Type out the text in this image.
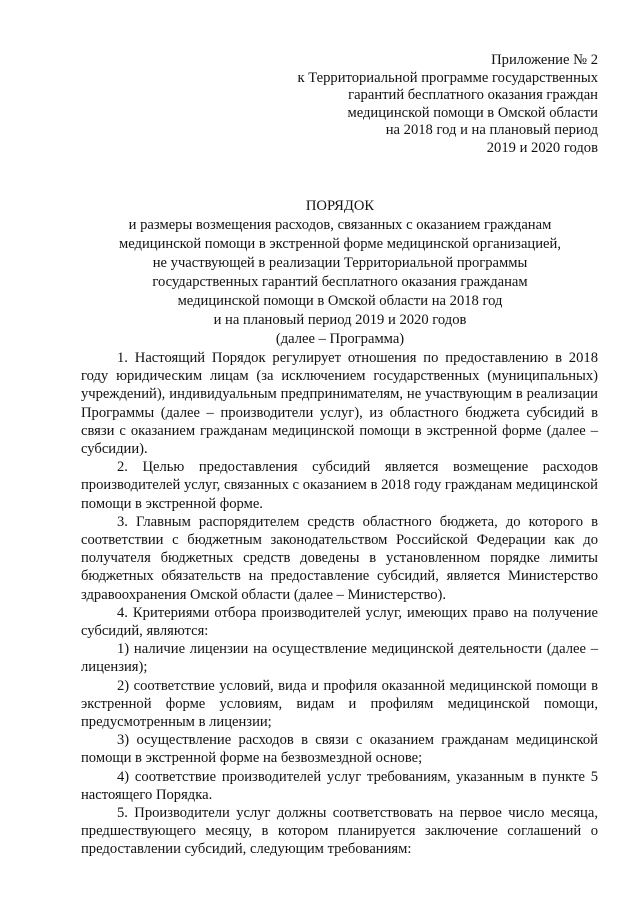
Приложение № 2
к Территориальной программе государственных
гарантий бесплатного оказания граждан
медицинской помощи в Омской области
на 2018 год и на плановый период
2019 и 2020 годов
ПОРЯДОК
и размеры возмещения расходов, связанных с оказанием гражданам
медицинской помощи в экстренной форме медицинской организацией,
не участвующей в реализации Территориальной программы
государственных гарантий бесплатного оказания гражданам
медицинской помощи в Омской области на 2018 год
и на плановый период 2019 и 2020 годов
(далее – Программа)

1. Настоящий Порядок регулирует отношения по предоставлению в 2018 году юридическим лицам (за исключением государственных (муниципальных) учреждений), индивидуальным предпринимателям, не участвующим в реализации Программы (далее – производители услуг), из областного бюджета субсидий в связи с оказанием гражданам медицинской помощи в экстренной форме (далее – субсидии).

2. Целью предоставления субсидий является возмещение расходов производителей услуг, связанных с оказанием в 2018 году гражданам медицинской помощи в экстренной форме.

3. Главным распорядителем средств областного бюджета, до которого в соответствии с бюджетным законодательством Российской Федерации как до получателя бюджетных средств доведены в установленном порядке лимиты бюджетных обязательств на предоставление субсидий, является Министерство здравоохранения Омской области (далее – Министерство).

4. Критериями отбора производителей услуг, имеющих право на получение субсидий, являются:

1) наличие лицензии на осуществление медицинской деятельности (далее – лицензия);

2) соответствие условий, вида и профиля оказанной медицинской помощи в экстренной форме условиям, видам и профилям медицинской помощи, предусмотренным в лицензии;

3) осуществление расходов в связи с оказанием гражданам медицинской помощи в экстренной форме на безвозмездной основе;

4) соответствие производителей услуг требованиям, указанным в пункте 5 настоящего Порядка.

5. Производители услуг должны соответствовать на первое число месяца, предшествующего месяцу, в котором планируется заключение соглашений о предоставлении субсидий, следующим требованиям:
